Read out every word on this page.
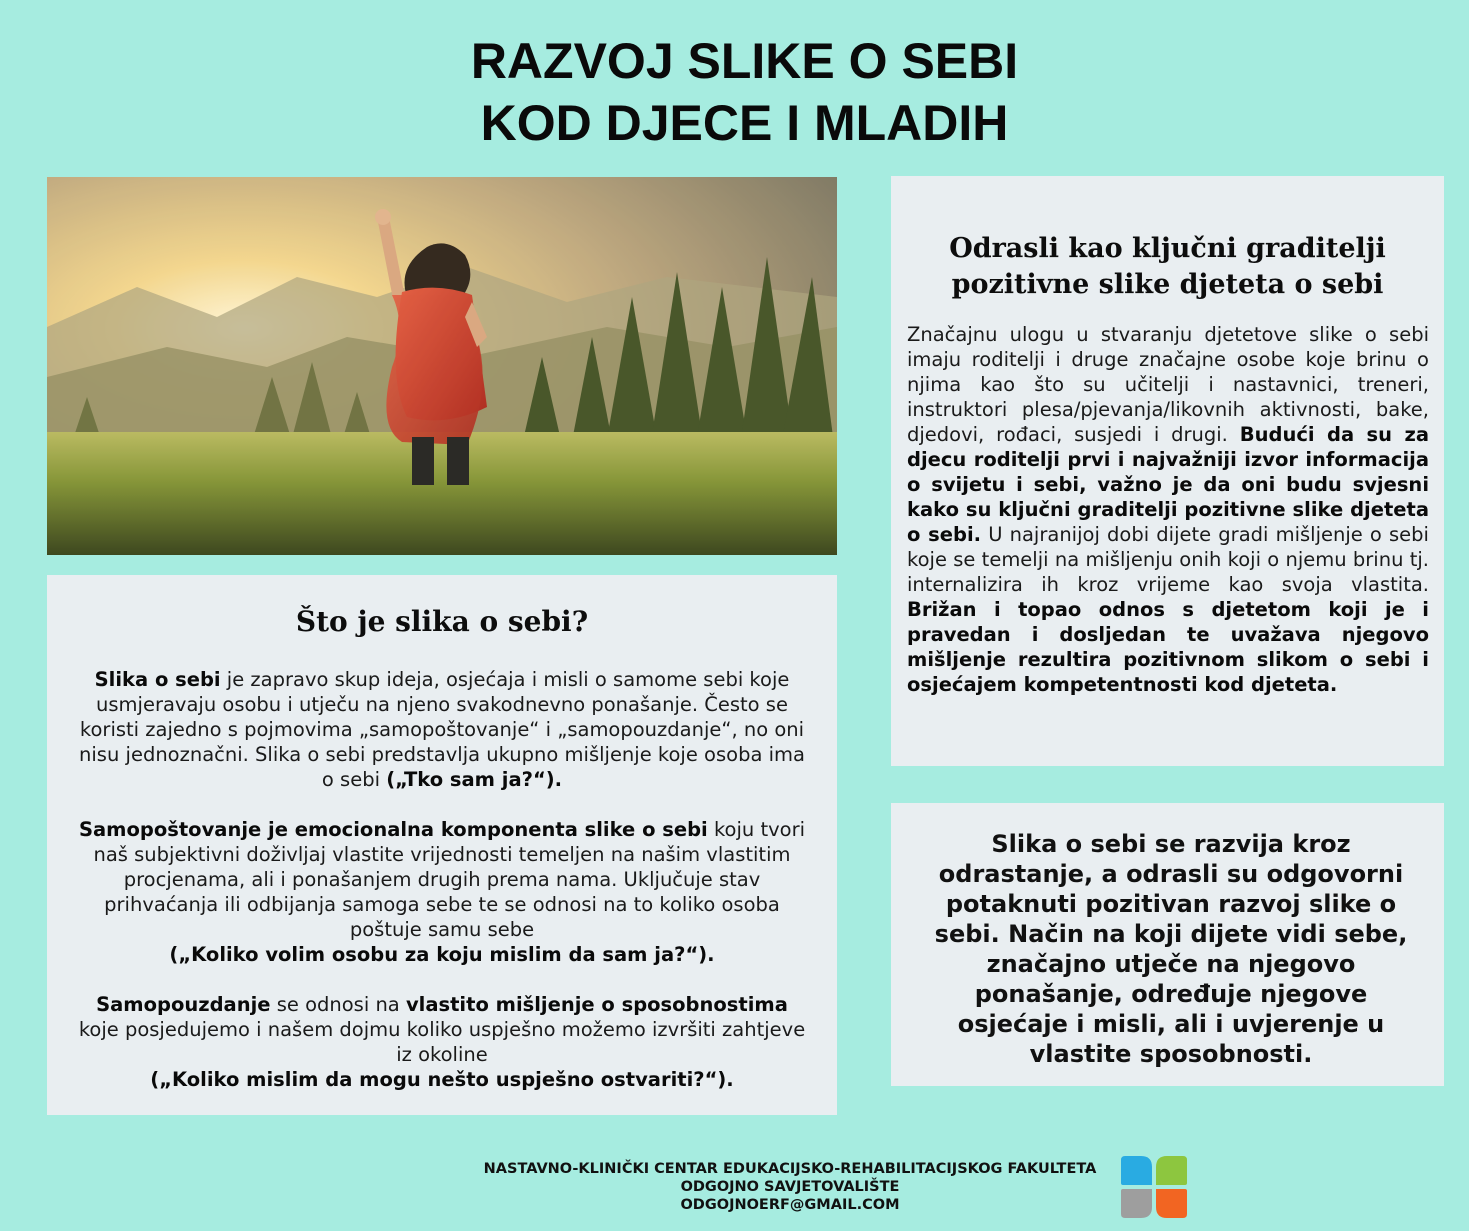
RAZVOJ SLIKE O SEBI
KOD DJECE I MLADIH
Što je slika o sebi?

Slika o sebi je zapravo skup ideja, osjećaja i misli o samome sebi koje usmjeravaju osobu i utječu na njeno svakodnevno ponašanje. Često se koristi zajedno s pojmovima „samopoštovanje“ i „samopouzdanje“, no oni nisu jednoznačni. Slika o sebi predstavlja ukupno mišljenje koje osoba ima o sebi („Tko sam ja?“).

Samopoštovanje je emocionalna komponenta slike o sebi koju tvori naš subjektivni doživljaj vlastite vrijednosti temeljen na našim vlastitim procjenama, ali i ponašanjem drugih prema nama. Uključuje stav prihvaćanja ili odbijanja samoga sebe te se odnosi na to koliko osoba poštuje samu sebe
(„Koliko volim osobu za koju mislim da sam ja?“).

Samopouzdanje se odnosi na vlastito mišljenje o sposobnostima koje posjedujemo i našem dojmu koliko uspješno možemo izvršiti zahtjeve iz okoline
(„Koliko mislim da mogu nešto uspješno ostvariti?“).

Odrasli kao ključni graditelji
pozitivne slike djeteta o sebi
Značajnu ulogu u stvaranju djetetove slike o sebi imaju roditelji i druge značajne osobe koje brinu o njima kao što su učitelji i nastavnici, treneri, instruktori plesa/pjevanja/likovnih aktivnosti, bake, djedovi, rođaci, susjedi i drugi. Budući da su za djecu roditelji prvi i najvažniji izvor informacija o svijetu i sebi, važno je da oni budu svjesni kako su ključni graditelji pozitivne slike djeteta o sebi. U najranijoj dobi dijete gradi mišljenje o sebi koje se temelji na mišljenju onih koji o njemu brinu tj. internalizira ih kroz vrijeme kao svoja vlastita. Brižan i topao odnos s djetetom koji je i pravedan i dosljedan te uvažava njegovo mišljenje rezultira pozitivnom slikom o sebi i osjećajem kompetentnosti kod djeteta.
Slika o sebi se razvija kroz odrastanje, a odrasli su odgovorni potaknuti pozitivan razvoj slike o sebi. Način na koji dijete vidi sebe, značajno utječe na njegovo ponašanje, određuje njegove osjećaje i misli, ali i uvjerenje u vlastite sposobnosti.
NASTAVNO-KLINIČKI CENTAR EDUKACIJSKO-REHABILITACIJSKOG FAKULTETA
ODGOJNO SAVJETOVALIŠTE
ODGOJNOERF@GMAIL.COM
